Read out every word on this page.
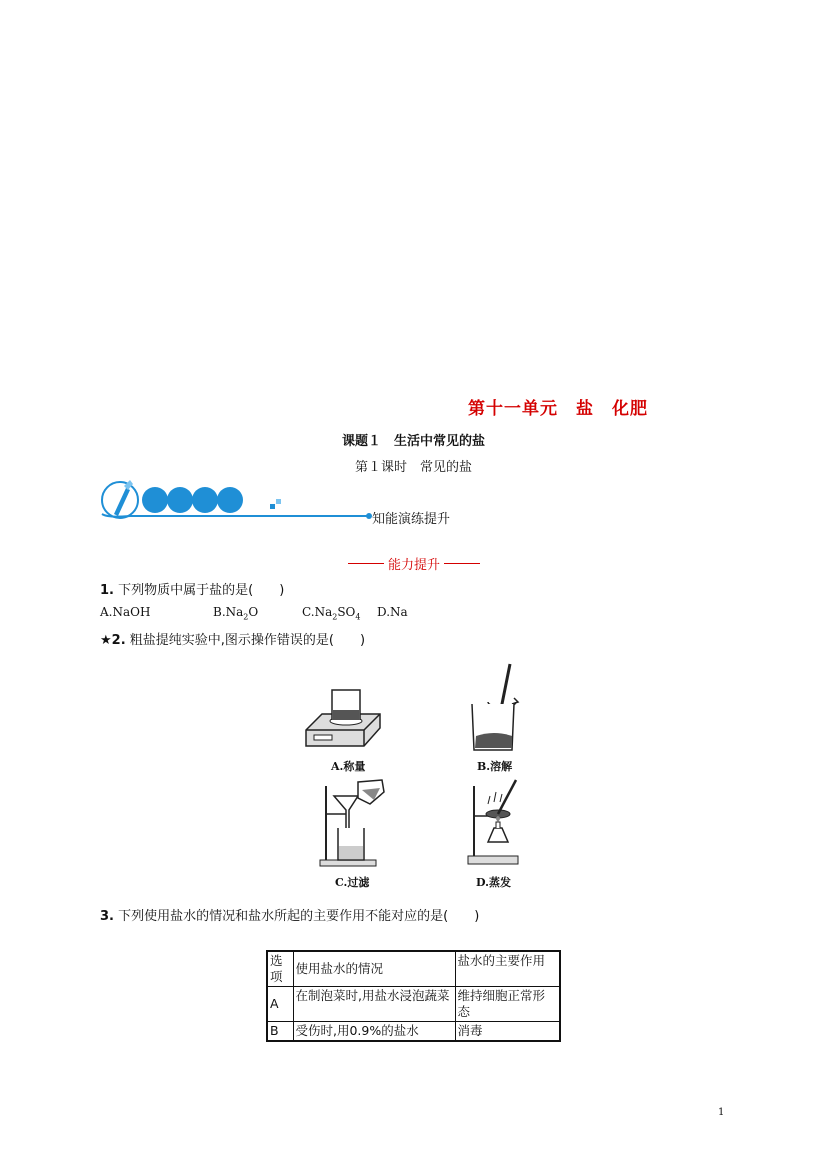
第十一单元　盐　化肥
课题１　生活中常见的盐
第１课时　常见的盐
知能演练提升
能力提升
1. 下列物质中属于盐的是(　　)
A.NaOH	$B.Na_2O$	$C.Na_2SO_4$ D.Na
★2. 粗盐提纯实验中,图示操作错误的是(　　)
A.称量	B.溶解
C.过滤	D.蒸发
3. 下列使用盐水的情况和盐水所起的主要作用不能对应的是(　　)
选项	使用盐水的情况	盐水的主要作用
A	在制泡菜时,用盐水浸泡蔬菜	维持细胞正常形态
B	受伤时,用0.9%的盐水	消毒
1
